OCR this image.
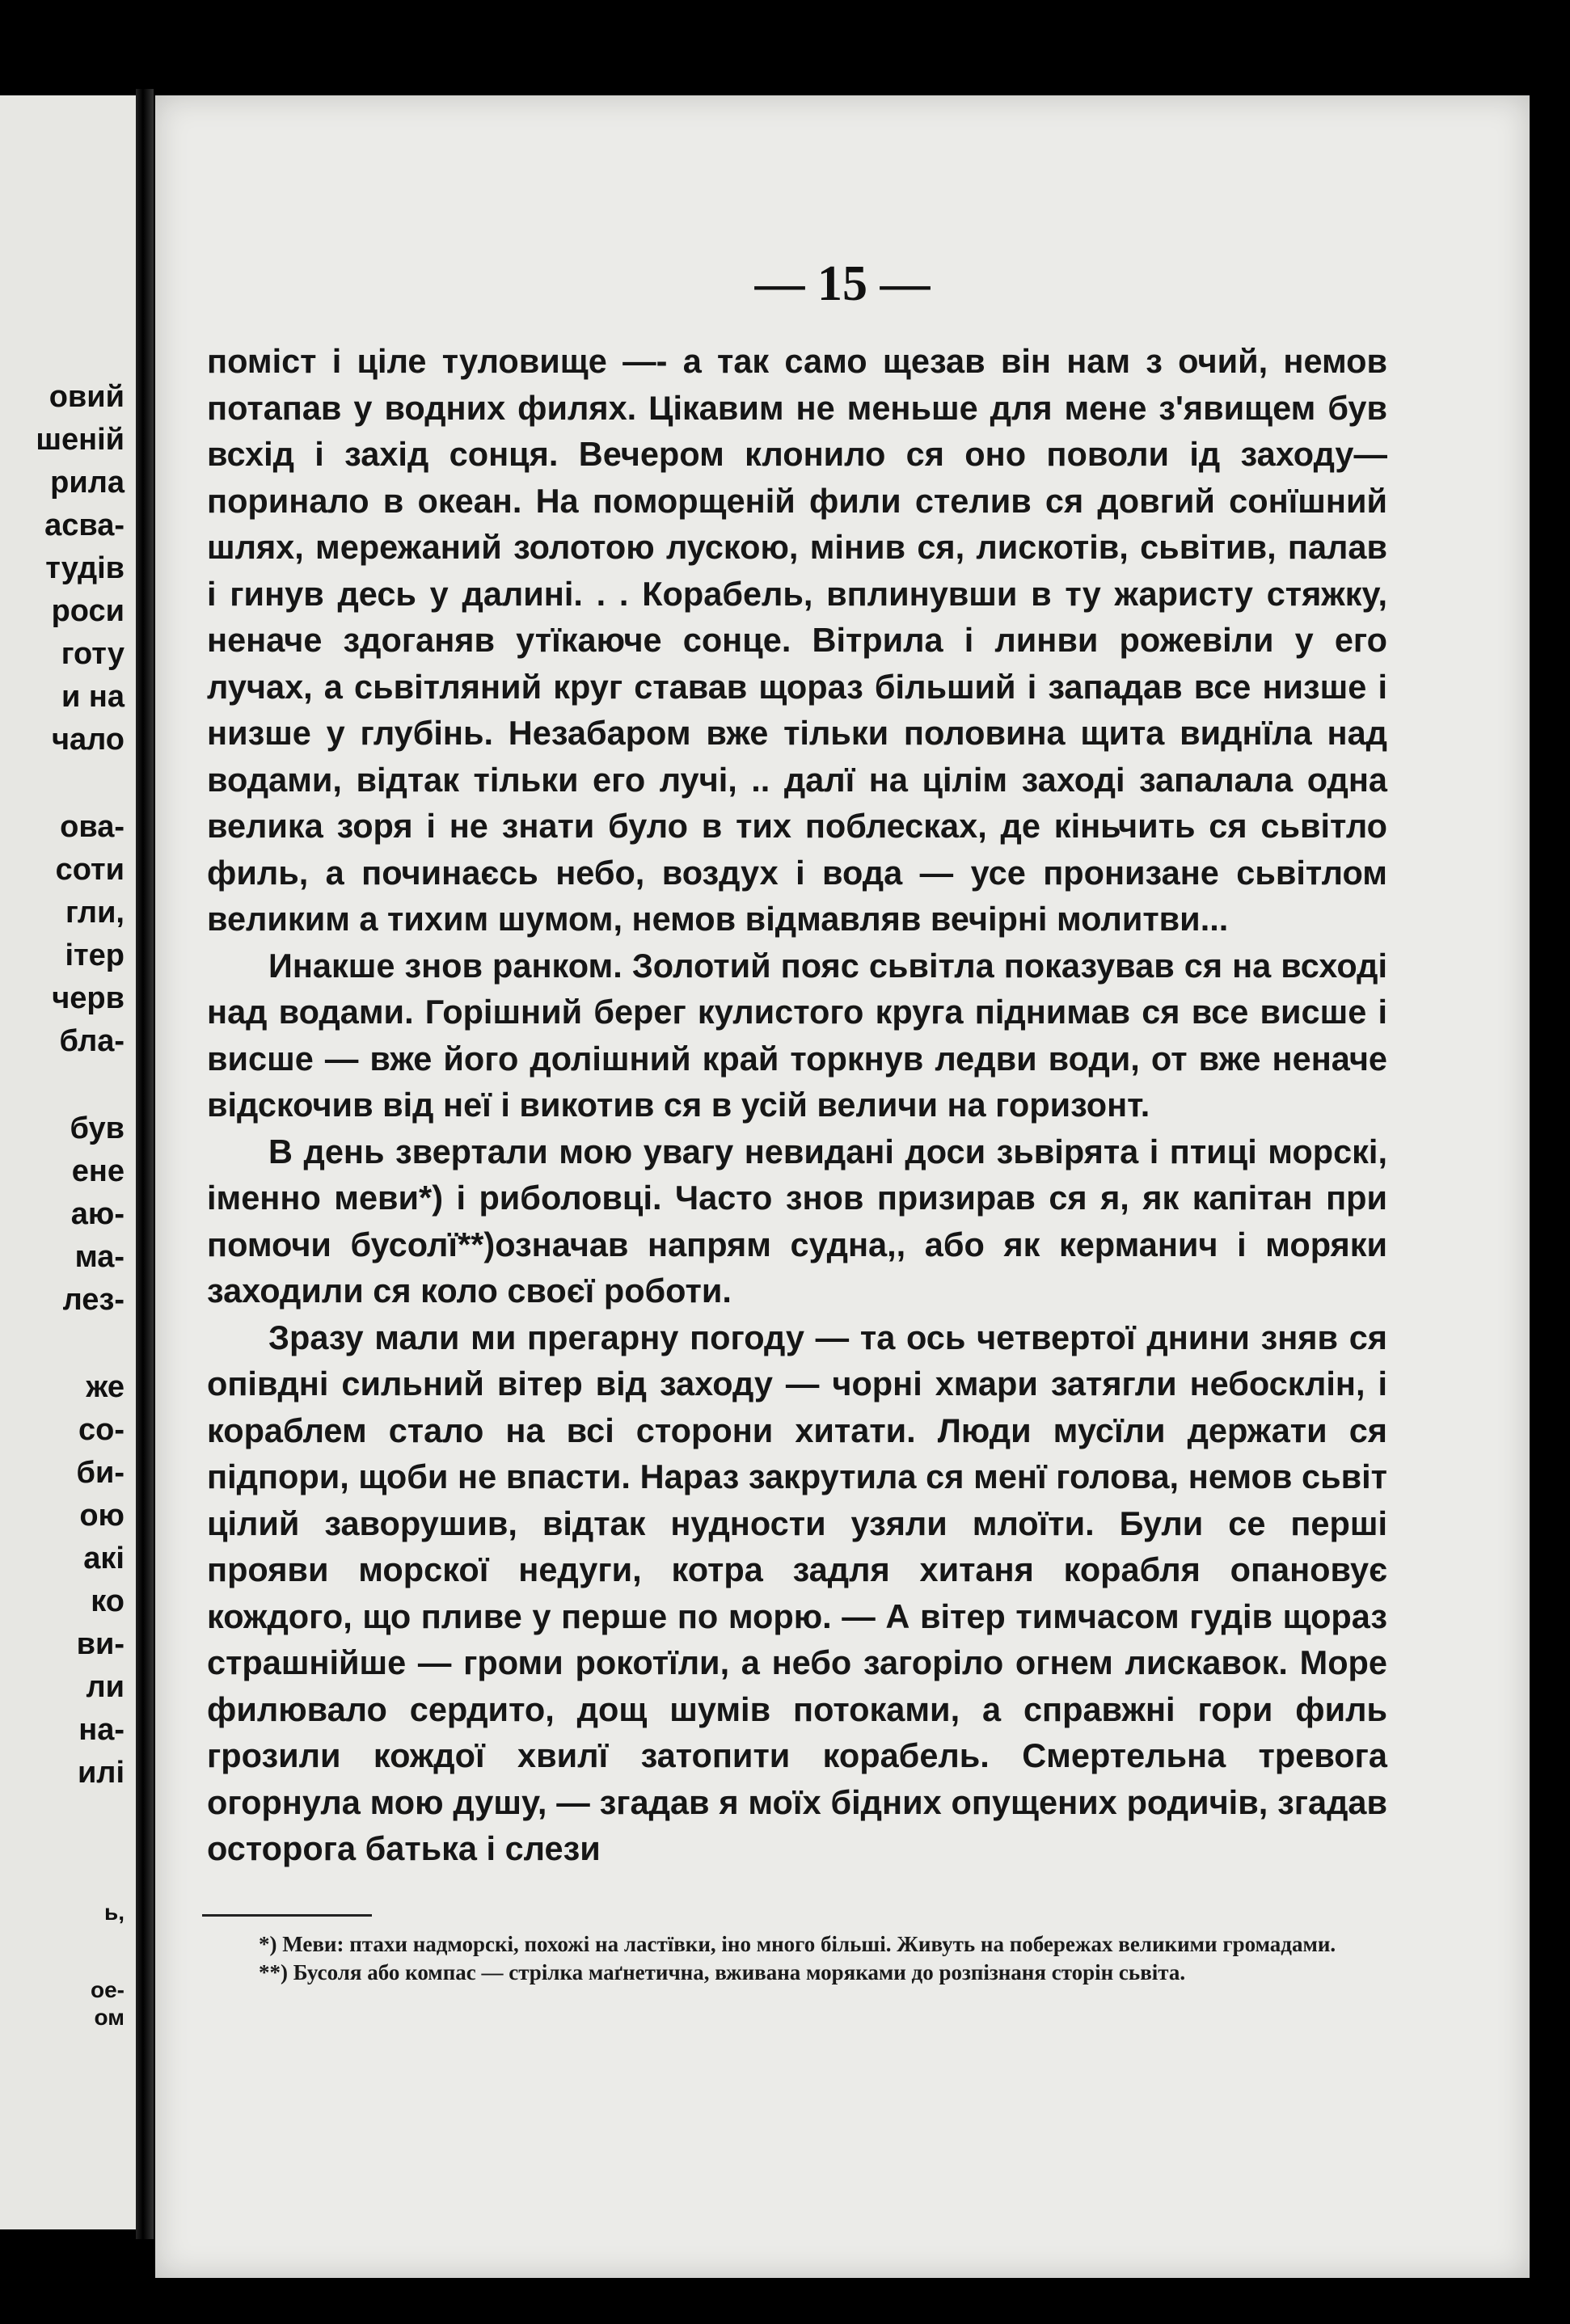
овий
шеній
рила
асва-
тудів
роси
готу
и на
чало
ова-
соти
гли,
ітер
черв
бла-
був
ене
аю-
ма-
лез-
же
со-
би-
ою
акі
ко
ви-
ли
на-
илі
ь,
ое-
ом
— 15 —

поміст і ціле туловище —- а так само щезав він нам з очий, немов потапав у водних филях. Цікавим не меньше для мене з'явищем був всхід і захід сонця. Вечером клонило ся оно поволи ід заходу—поринало в океан. На поморщеній фили стелив ся довгий сонїшний шлях, мережаний золотою лускою, мінив ся, лискотів, сьвітив, палав і гинув десь у далині. . . Корабель, вплинувши в ту жаристу стяжку, неначе здоганяв утїкаюче сонце. Вітрила і линви рожевіли у его лучах, а сьвітляний круг ставав щораз більший і западав все низше і низше у глубінь. Незабаром вже тільки половина щита виднїла над водами, відтак тільки его лучі, .. далї на цілім заході запалала одна велика зоря і не знати було в тих поблесках, де кіньчить ся сьвітло филь, а починаєсь небо, воздух і вода — усе пронизане сьвітлом великим а тихим шумом, немов відмавляв вечірні молитви...

Инакше знов ранком. Золотий пояс сьвітла показував ся на всході над водами. Горішний берег кулистого круга піднимав ся все висше і висше — вже його долішний край торкнув ледви води, от вже неначе відскочив від неї і викотив ся в усій величи на горизонт.

В день звертали мою увагу невидані доси зьвірята і птиці морскі, іменно меви*) і риболовці. Часто знов призирав ся я, як капітан при помочи бусолї**)означав напрям судна,, або як керманич і моряки заходили ся коло своєї роботи.

Зразу мали ми прегарну погоду — та ось четвертої днини зняв ся опівдні сильний вітер від заходу — чорні хмари затягли небосклін, і кораблем стало на всі сторони хитати. Люди мусїли держати ся підпори, щоби не впасти. Нараз закрутила ся менї голова, немов сьвіт цілий заворушив, відтак нудности узяли млоїти. Були се перші прояви морскої недуги, котра задля хитаня корабля опановує кождого, що пливе у перше по морю. — А вітер тимчасом гудів щораз страшнійше — громи рокотїли, а небо загоріло огнем лискавок. Море филювало сердито, дощ шумів потоками, а справжні гори филь грозили кождої хвилї затопити корабель. Смертельна тревога огорнула мою душу, — згадав я моїх бідних опущених родичів, згадав осторога батька і слези

*) Меви: птахи надморскі, похожі на ластївки, іно много більші. Живуть на побережах великими громадами.

**) Бусоля або компас — стрілка маґнетична, вживана моряками до розпізнаня сторін сьвіта.
